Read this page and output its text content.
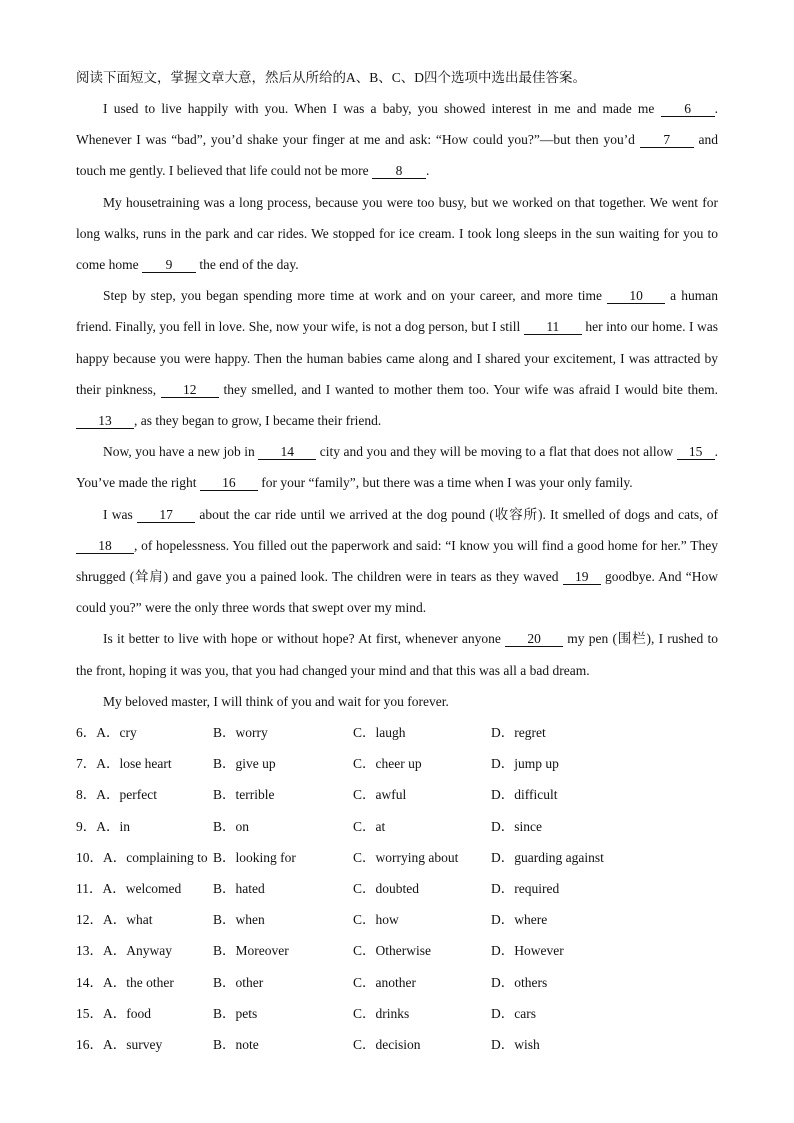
阅读下面短文，掌握文章大意，然后从所给的A、B、C、D四个选项中选出最佳答案。

I used to live happily with you. When I was a baby, you showed interest in me and made me 6 . Whenever I was “bad”, you’d shake your finger at me and ask: “How could you?”—but then you’d 7 and touch me gently. I believed that life could not be more 8 .

My housetraining was a long process, because you were too busy, but we worked on that together. We went for long walks, runs in the park and car rides. We stopped for ice cream. I took long sleeps in the sun waiting for you to come home 9 the end of the day.

Step by step, you began spending more time at work and on your career, and more time 10 a human friend. Finally, you fell in love. She, now your wife, is not a dog person, but I still 11 her into our home. I was happy because you were happy. Then the human babies came along and I shared your excitement, I was attracted by their pinkness, 12 they smelled, and I wanted to mother them too. Your wife was afraid I would bite them. 13 , as they began to grow, I became their friend.

Now, you have a new job in 14 city and you and they will be moving to a flat that does not allow 15 . You’ve made the right 16 for your “family”, but there was a time when I was your only family.

I was 17 about the car ride until we arrived at the dog pound (收容所). It smelled of dogs and cats, of 18 , of hopelessness. You filled out the paperwork and said: “I know you will find a good home for her.” They shrugged (耸肩) and gave you a pained look. The children were in tears as they waved 19 goodbye. And “How could you?” were the only three words that swept over my mind.

Is it better to live with hope or without hope? At first, whenever anyone 20 my pen (围栏), I rushed to the front, hoping it was you, that you had changed your mind and that this was all a bad dream.

My beloved master, I will think of you and wait for you forever.

6．A．cry	B．worry	C．laugh	D．regret
7．A．lose heart	B．give up	C．cheer up	D．jump up
8．A．perfect	B．terrible	C．awful	D．difficult
9．A．in	B．on	C．at	D．since
10．A．complaining to B．looking for	C．worrying about	D．guarding against
11．A．welcomed	B．hated	C．doubted	D．required
12．A．what	B．when	C．how	D．where
13．A．Anyway	B．Moreover	C．Otherwise	D．However
14．A．the other	B．other	C．another	D．others
15．A．food	B．pets	C．drinks	D．cars
16．A．survey	B．note	C．decision	D．wish
